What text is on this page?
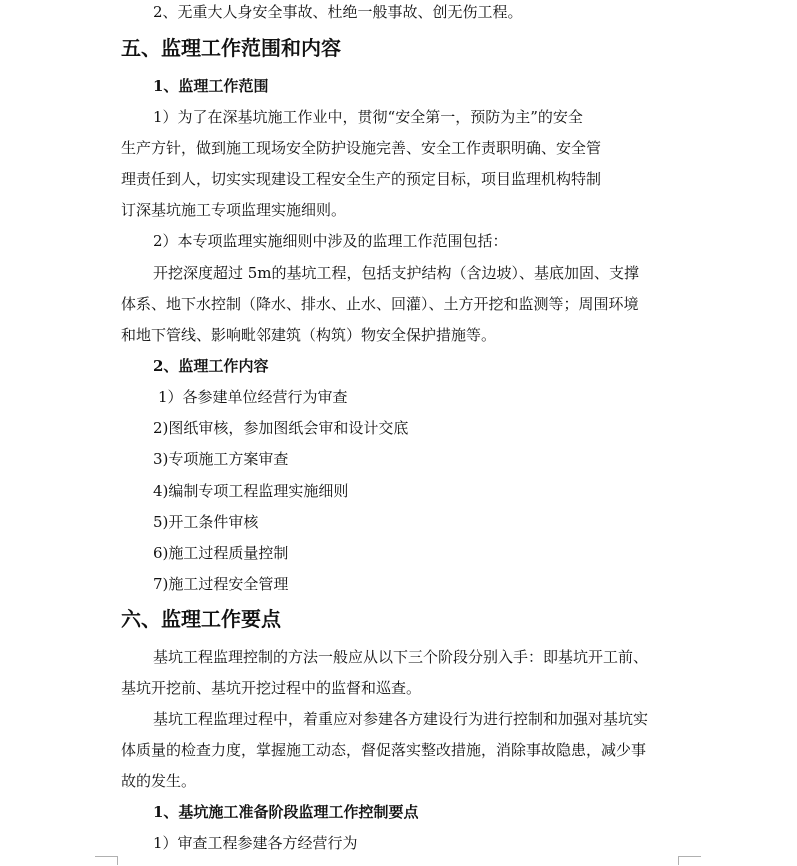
2、无重大人身安全事故、杜绝一般事故、创无伤工程。
五、监理工作范围和内容
1、监理工作范围
1）为了在深基坑施工作业中，贯彻“安全第一，预防为主”的安全
生产方针，做到施工现场安全防护设施完善、安全工作责职明确、安全管
理责任到人，切实实现建设工程安全生产的预定目标，项目监理机构特制
订深基坑施工专项监理实施细则。
2）本专项监理实施细则中涉及的监理工作范围包括：
开挖深度超过 5m的基坑工程，包括支护结构（含边坡）、基底加固、支撑
体系、地下水控制（降水、排水、止水、回灌）、土方开挖和监测等；周围环境
和地下管线、影响毗邻建筑（构筑）物安全保护措施等。
2、监理工作内容
1）各参建单位经营行为审查
2)图纸审核，参加图纸会审和设计交底
3)专项施工方案审查
4)编制专项工程监理实施细则
5)开工条件审核
6)施工过程质量控制
7)施工过程安全管理
六、监理工作要点
基坑工程监理控制的方法一般应从以下三个阶段分别入手：即基坑开工前、
基坑开挖前、基坑开挖过程中的监督和巡查。
基坑工程监理过程中，着重应对参建各方建设行为进行控制和加强对基坑实
体质量的检查力度，掌握施工动态，督促落实整改措施，消除事故隐患，减少事
故的发生。
1、基坑施工准备阶段监理工作控制要点
1）审查工程参建各方经营行为
